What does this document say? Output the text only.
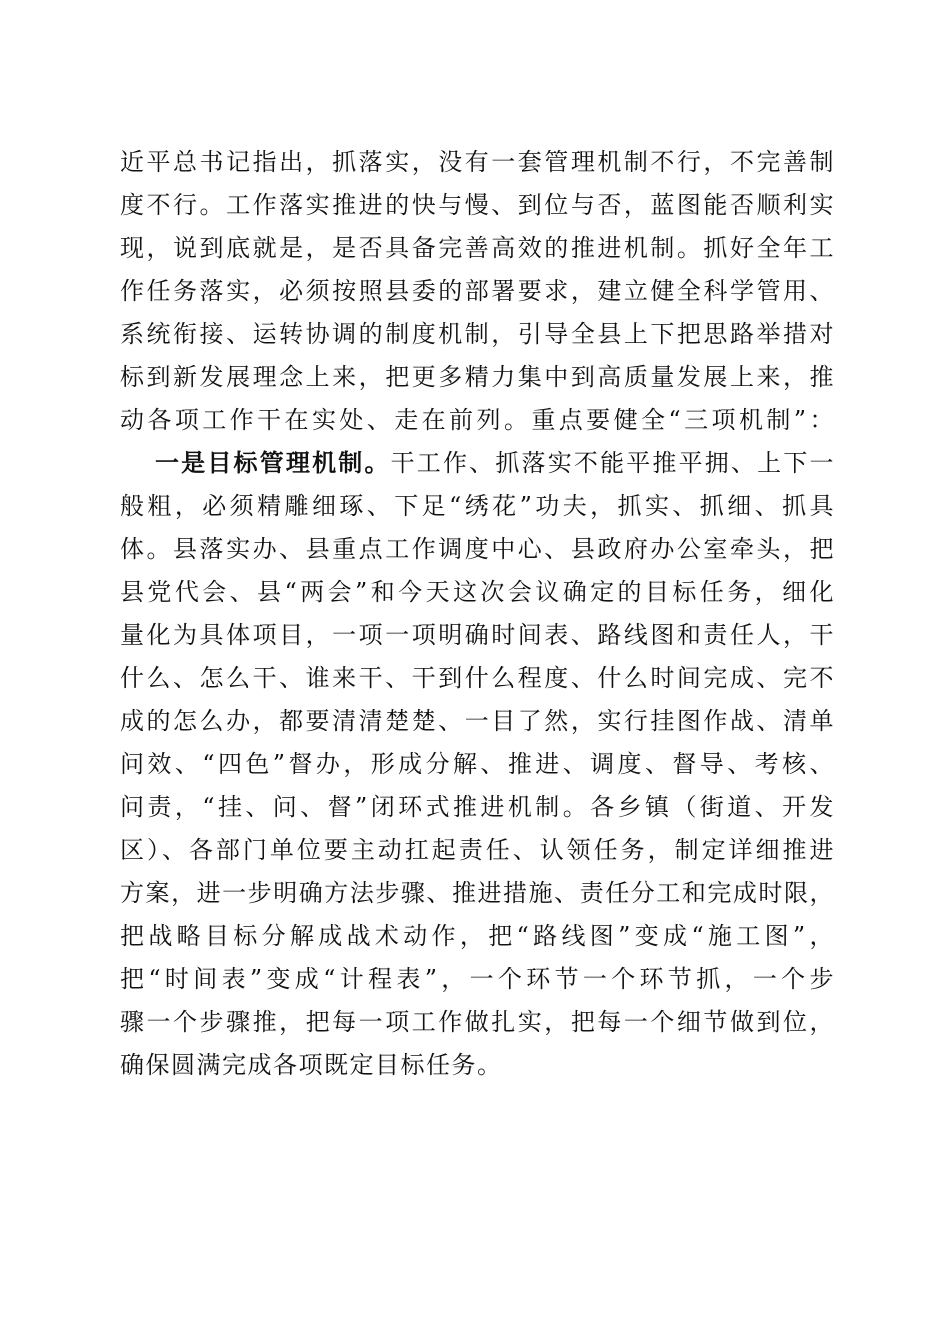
近平总书记指出，抓落实，没有一套管理机制不行，不完善制
度不行。工作落实推进的快与慢、到位与否，蓝图能否顺利实
现，说到底就是，是否具备完善高效的推进机制。抓好全年工
作任务落实，必须按照县委的部署要求，建立健全科学管用、
系统衔接、运转协调的制度机制，引导全县上下把思路举措对
标到新发展理念上来，把更多精力集中到高质量发展上来，推
动各项工作干在实处、走在前列。重点要健全“三项机制”：
一是目标管理机制。干工作、抓落实不能平推平拥、上下一
般粗，必须精雕细琢、下足“绣花”功夫，抓实、抓细、抓具
体。县落实办、县重点工作调度中心、县政府办公室牵头，把
县党代会、县“两会”和今天这次会议确定的目标任务，细化
量化为具体项目，一项一项明确时间表、路线图和责任人，干
什么、怎么干、谁来干、干到什么程度、什么时间完成、完不
成的怎么办，都要清清楚楚、一目了然，实行挂图作战、清单
问效、“四色”督办，形成分解、推进、调度、督导、考核、
问责，“挂、问、督”闭环式推进机制。各乡镇（街道、开发
区）、各部门单位要主动扛起责任、认领任务，制定详细推进
方案，进一步明确方法步骤、推进措施、责任分工和完成时限，
把战略目标分解成战术动作，把“路线图”变成“施工图”，
把“时间表”变成“计程表”，一个环节一个环节抓，一个步
骤一个步骤推，把每一项工作做扎实，把每一个细节做到位，
确保圆满完成各项既定目标任务。
